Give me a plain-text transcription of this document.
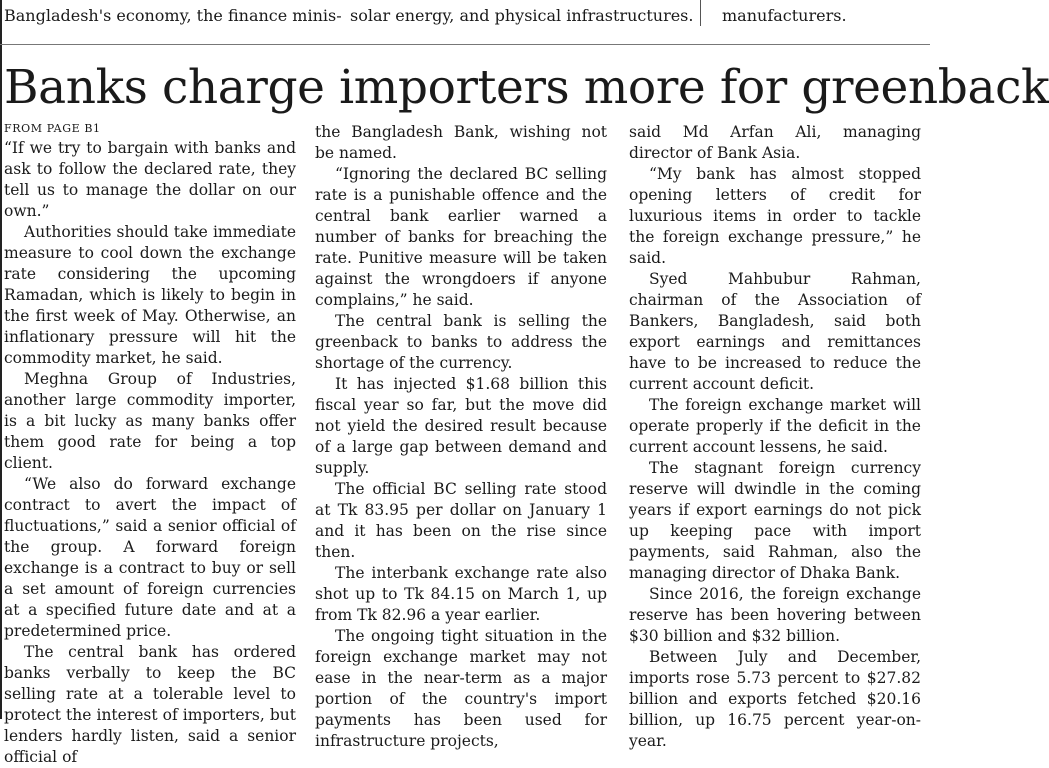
Bangladesh's economy, the finance minis- solar energy, and physical infrastructures. manufacturers.
Banks charge importers more for greenback
FROM PAGE B1

“If we try to bargain with banks and ask to follow the declared rate, they tell us to manage the dollar on our own.”

Authorities should take immediate measure to cool down the exchange rate considering the upcoming Ramadan, which is likely to begin in the first week of May. Otherwise, an inflationary pressure will hit the commodity market, he said.

Meghna Group of Industries, another large commodity importer, is a bit lucky as many banks offer them good rate for being a top client.

“We also do forward exchange contract to avert the impact of fluctuations,” said a senior official of the group. A forward foreign exchange is a contract to buy or sell a set amount of foreign currencies at a specified future date and at a predetermined price.

The central bank has ordered banks verbally to keep the BC selling rate at a tolerable level to protect the interest of importers, but lenders hardly listen, said a senior official of

the Bangladesh Bank, wishing not be named.

“Ignoring the declared BC selling rate is a punishable offence and the central bank earlier warned a number of banks for breaching the rate. Punitive measure will be taken against the wrongdoers if anyone complains,” he said.

The central bank is selling the greenback to banks to address the shortage of the currency.

It has injected $1.68 billion this fiscal year so far, but the move did not yield the desired result because of a large gap between demand and supply.

The official BC selling rate stood at Tk 83.95 per dollar on January 1 and it has been on the rise since then.

The interbank exchange rate also shot up to Tk 84.15 on March 1, up from Tk 82.96 a year earlier.

The ongoing tight situation in the foreign exchange market may not ease in the near-term as a major portion of the country's import payments has been used for infrastructure projects,

said Md Arfan Ali, managing director of Bank Asia.

“My bank has almost stopped opening letters of credit for luxurious items in order to tackle the foreign exchange pressure,” he said.

Syed Mahbubur Rahman, chairman of the Association of Bankers, Bangladesh, said both export earnings and remittances have to be increased to reduce the current account deficit.

The foreign exchange market will operate properly if the deficit in the current account lessens, he said.

The stagnant foreign currency reserve will dwindle in the coming years if export earnings do not pick up keeping pace with import payments, said Rahman, also the managing director of Dhaka Bank.

Since 2016, the foreign exchange reserve has been hovering between $30 billion and $32 billion.

Between July and December, imports rose 5.73 percent to $27.82 billion and exports fetched $20.16 billion, up 16.75 percent year-on-year.
